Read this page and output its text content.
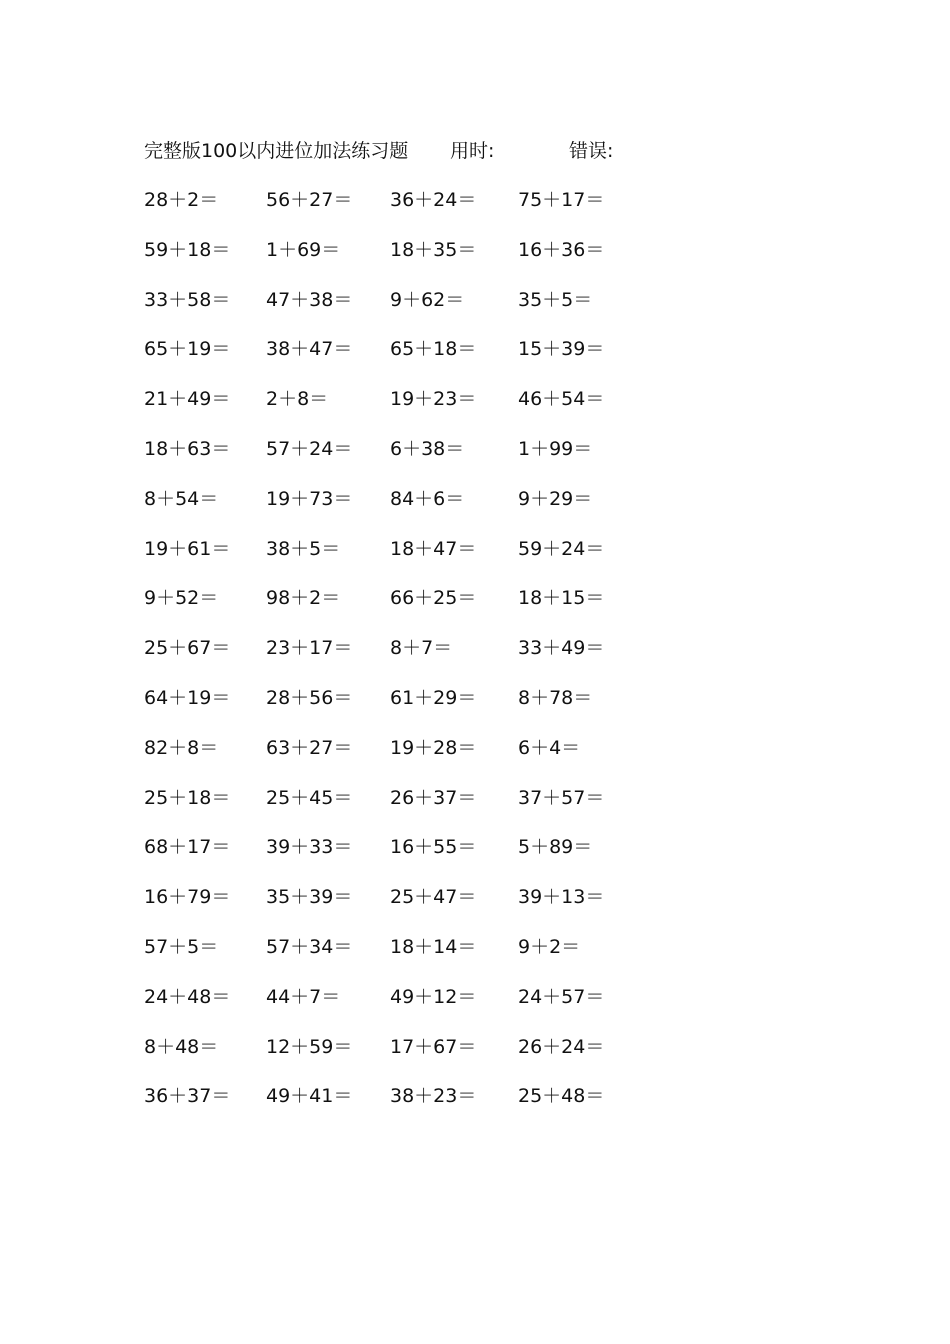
完整版100以内进位加法练习题 用时:	错误:
28＋2＝	56＋27＝ 36＋24＝ 75＋17＝
59＋18＝ 1＋69＝	18＋35＝ 16＋36＝
33＋58＝ 47＋38＝ 9＋62＝	35＋5＝
65＋19＝ 38＋47＝ 65＋18＝ 15＋39＝
21＋49＝ 2＋8＝	19＋23＝ 46＋54＝
18＋63＝ 57＋24＝ 6＋38＝	1＋99＝
8＋54＝	19＋73＝ 84＋6＝	9＋29＝
19＋61＝ 38＋5＝	18＋47＝ 59＋24＝
9＋52＝	98＋2＝	66＋25＝ 18＋15＝
25＋67＝ 23＋17＝ 8＋7＝	33＋49＝
64＋19＝ 28＋56＝ 61＋29＝ 8＋78＝
82＋8＝	63＋27＝ 19＋28＝ 6＋4＝
25＋18＝ 25＋45＝ 26＋37＝ 37＋57＝
68＋17＝ 39＋33＝ 16＋55＝ 5＋89＝
16＋79＝ 35＋39＝ 25＋47＝ 39＋13＝
57＋5＝	57＋34＝ 18＋14＝ 9＋2＝
24＋48＝ 44＋7＝	49＋12＝ 24＋57＝
8＋48＝	12＋59＝ 17＋67＝ 26＋24＝
36＋37＝ 49＋41＝ 38＋23＝ 25＋48＝
